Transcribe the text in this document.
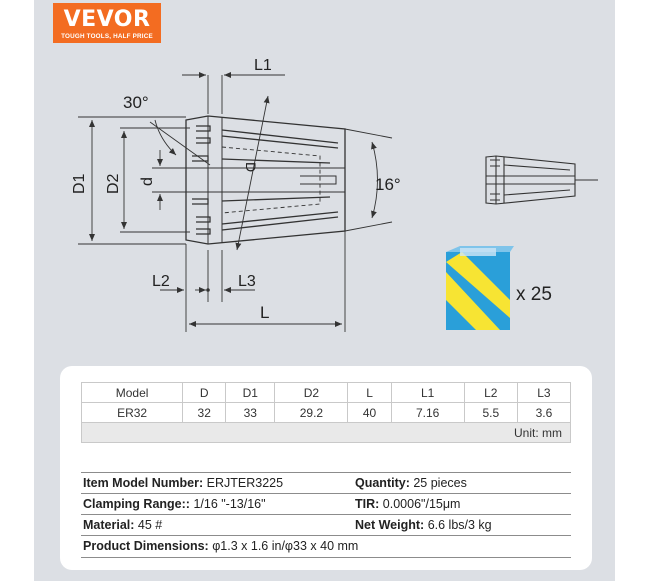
VEVOR
TOUGH TOOLS, HALF PRICE
30°
16°
L1
L2	L3
L
D1 D2 d
D
x 25
Model	D	D1	D2	L	L1	L2	L3
ER32	32	33	29.2	40	7.16	5.5	3.6
Unit: mm							
Item Model Number: ERJTER3225	Quantity: 25 pieces
Clamping Range:: 1/16 "-13/16"	TIR: 0.0006"/15μm
Material: 45 #	Net Weight: 6.6 lbs/3 kg
Product Dimensions: φ1.3 x 1.6 in/φ33 x 40 mm
